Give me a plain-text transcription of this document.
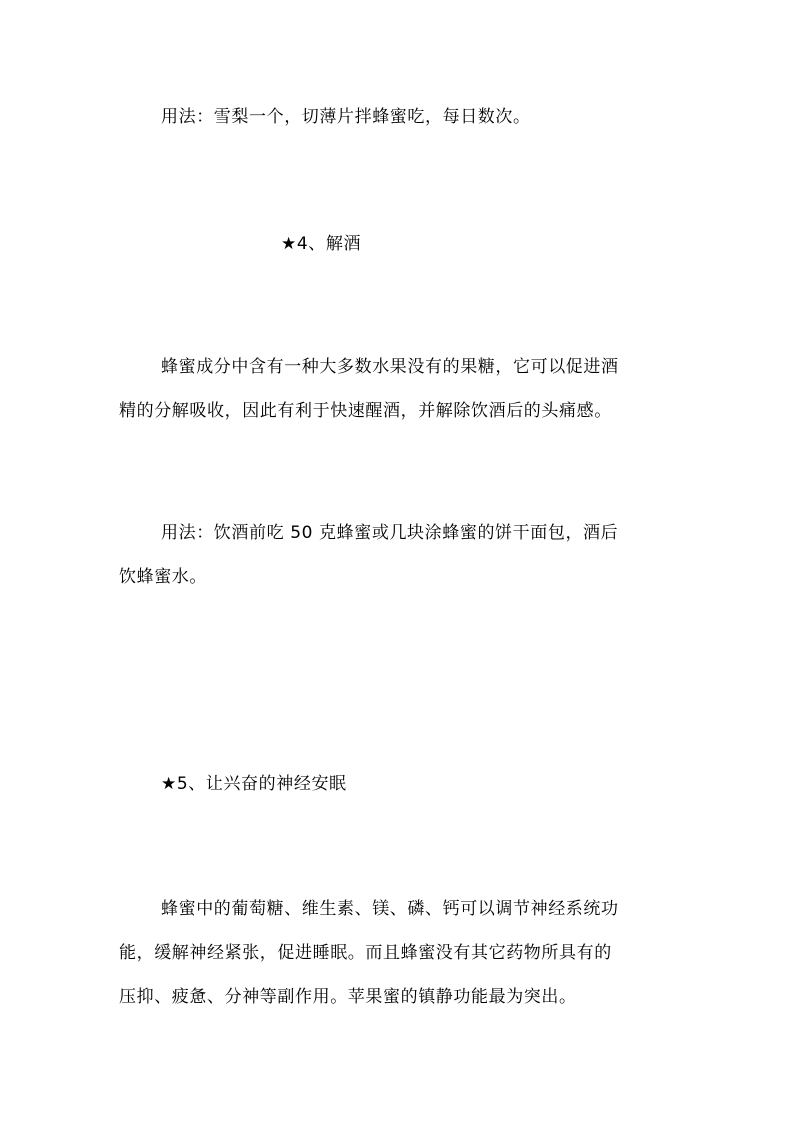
用法：雪梨一个，切薄片拌蜂蜜吃，每日数次。
★4、解酒
蜂蜜成分中含有一种大多数水果没有的果糖，它可以促进酒
精的分解吸收，因此有利于快速醒酒，并解除饮酒后的头痛感。
用法：饮酒前吃 50 克蜂蜜或几块涂蜂蜜的饼干面包，酒后
饮蜂蜜水。
★5、让兴奋的神经安眠
蜂蜜中的葡萄糖、维生素、镁、磷、钙可以调节神经系统功
能，缓解神经紧张，促进睡眠。而且蜂蜜没有其它药物所具有的
压抑、疲惫、分神等副作用。苹果蜜的镇静功能最为突出。
